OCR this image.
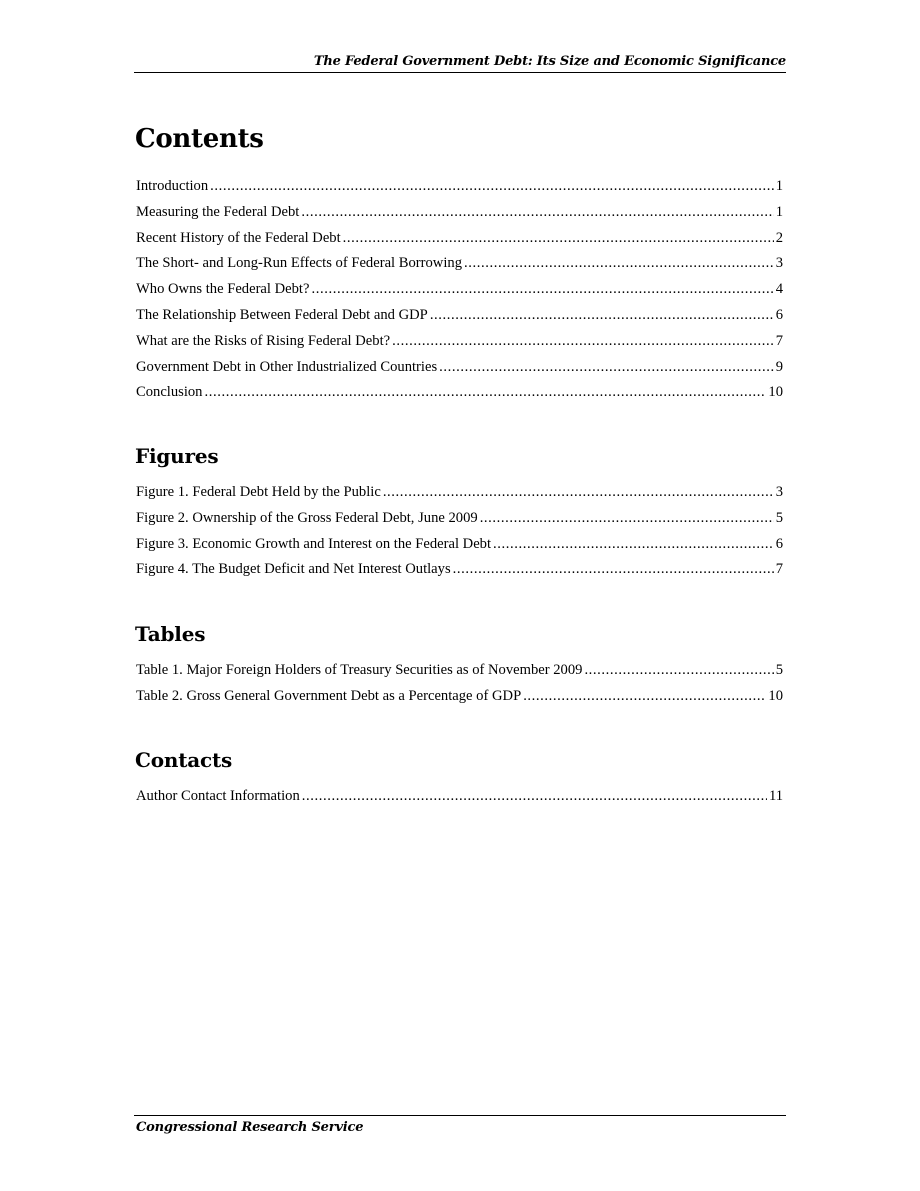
The Federal Government Debt: Its Size and Economic Significance
Contents
Introduction .....	1
Measuring the Federal Debt .....	1
Recent History of the Federal Debt .....	2
The Short- and Long-Run Effects of Federal Borrowing .....	3
Who Owns the Federal Debt? .....	4
The Relationship Between Federal Debt and GDP .....	6
What are the Risks of Rising Federal Debt? .....	7
Government Debt in Other Industrialized Countries .....	9
Conclusion .....	10
Figures
Figure 1. Federal Debt Held by the Public .....	3
Figure 2. Ownership of the Gross Federal Debt, June 2009 .....	5
Figure 3. Economic Growth and Interest on the Federal Debt .....	6
Figure 4. The Budget Deficit and Net Interest Outlays .....	7
Tables
Table 1. Major Foreign Holders of Treasury Securities as of November 2009 .....	5
Table 2. Gross General Government Debt as a Percentage of GDP .....	10
Contacts
Author Contact Information .....	11
Congressional Research Service
